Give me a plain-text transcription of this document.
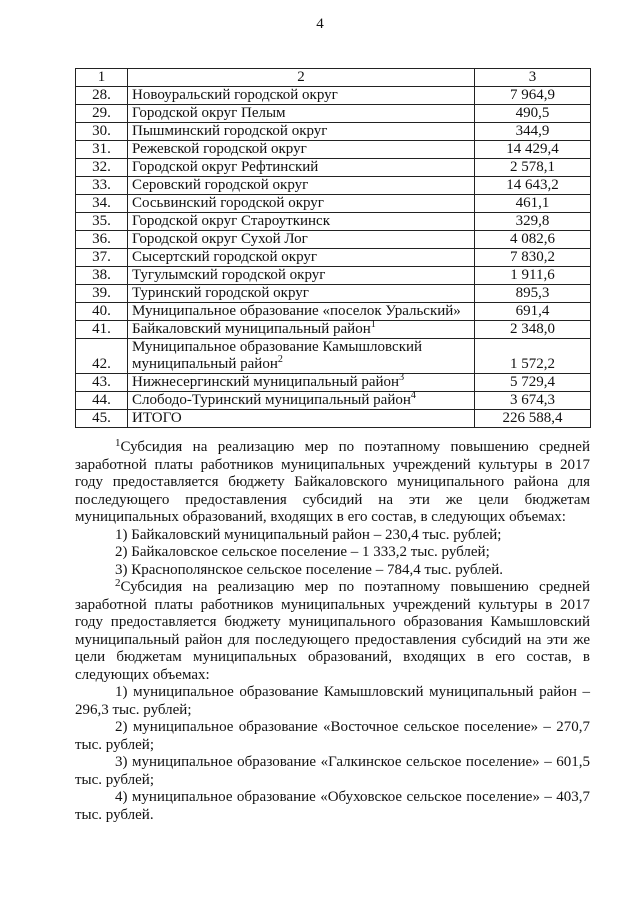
4
1	2	3
28.	Новоуральский городской округ	7 964,9
29.	Городской округ Пелым	490,5
30.	Пышминский городской округ	344,9
31.	Режевской городской округ	14 429,4
32.	Городской округ Рефтинский	2 578,1
33.	Серовский городской округ	14 643,2
34.	Сосьвинский городской округ	461,1
35.	Городской округ Староуткинск	329,8
36.	Городской округ Сухой Лог	4 082,6
37.	Сысертский городской округ	7 830,2
38.	Тугулымский городской округ	1 911,6
39.	Туринский городской округ	895,3
40.	Муниципальное образование «поселок Уральский»	691,4
41.	Байкаловский муниципальный район$^1$	2 348,0
42.	Муниципальное образование Камышловский муниципальный район$^2$	1 572,2
43.	Нижнесергинский муниципальный район$^3$	5 729,4
44.	Слободо-Туринский муниципальный район$^4$	3 674,3
45.	ИТОГО	226 588,4

$^1$Субсидия на реализацию мер по поэтапному повышению средней заработной платы работников муниципальных учреждений культуры в 2017 году предоставляется бюджету Байкаловского муниципального района для последующего предоставления субсидий на эти же цели бюджетам муниципальных образований, входящих в его состав, в следующих объемах:

1) Байкаловский муниципальный район – 230,4 тыс. рублей;

2) Байкаловское сельское поселение – 1 333,2 тыс. рублей;

3) Краснополянское сельское поселение – 784,4 тыс. рублей.

$^2$Субсидия на реализацию мер по поэтапному повышению средней заработной платы работников муниципальных учреждений культуры в 2017 году предоставляется бюджету муниципального образования Камышловский муниципальный район для последующего предоставления субсидий на эти же цели бюджетам муниципальных образований, входящих в его состав, в следующих объемах:

1) муниципальное образование Камышловский муниципальный район – 296,3 тыс. рублей;

2) муниципальное образование «Восточное сельское поселение» – 270,7 тыс. рублей;

3) муниципальное образование «Галкинское сельское поселение» – 601,5 тыс. рублей;

4) муниципальное образование «Обуховское сельское поселение» – 403,7 тыс. рублей.
